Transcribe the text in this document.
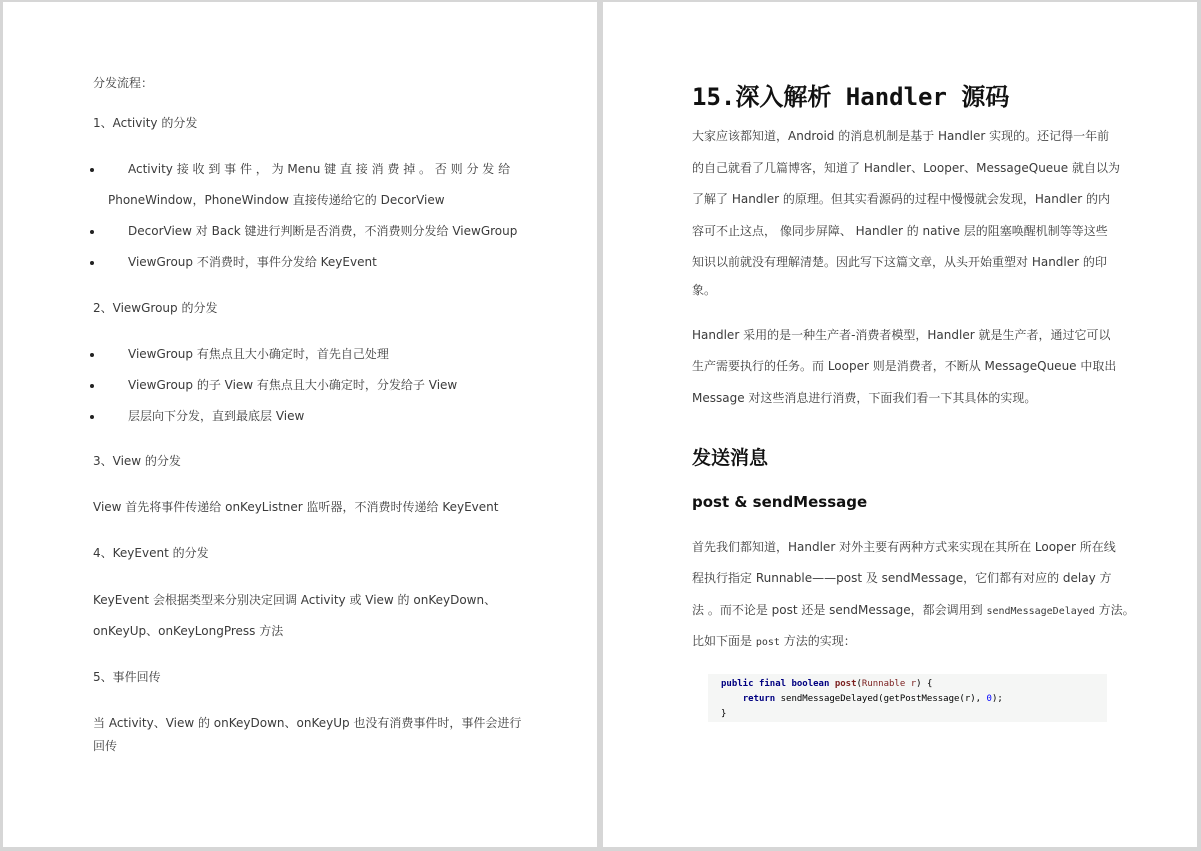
分发流程：
1、Activity 的分发
Activity 接 收 到 事 件 ， 为 Menu 键 直 接 消 费 掉 。 否 则 分 发 给
PhoneWindow，PhoneWindow 直接传递给它的 DecorView
DecorView 对 Back 键进行判断是否消费，不消费则分发给 ViewGroup
ViewGroup 不消费时，事件分发给 KeyEvent
2、ViewGroup 的分发
ViewGroup 有焦点且大小确定时，首先自己处理
ViewGroup 的子 View 有焦点且大小确定时，分发给子 View
层层向下分发，直到最底层 View
3、View 的分发
View 首先将事件传递给 onKeyListner 监听器，不消费时传递给 KeyEvent
4、KeyEvent 的分发
KeyEvent 会根据类型来分别决定回调 Activity 或 View 的 onKeyDown、
onKeyUp、onKeyLongPress 方法
5、事件回传
当 Activity、View 的 onKeyDown、onKeyUp 也没有消费事件时，事件会进行
回传
15.深入解析 Handler 源码
大家应该都知道，Android 的消息机制是基于 Handler 实现的。还记得一年前
的自己就看了几篇博客，知道了 Handler、Looper、MessageQueue 就自以为
了解了 Handler 的原理。但其实看源码的过程中慢慢就会发现，Handler 的内
容可不止这点， 像同步屏障、 Handler 的 native 层的阻塞唤醒机制等等这些
知识以前就没有理解清楚。因此写下这篇文章，从头开始重塑对 Handler 的印
象。
Handler 采用的是一种生产者-消费者模型，Handler 就是生产者，通过它可以
生产需要执行的任务。而 Looper 则是消费者，不断从 MessageQueue 中取出
Message 对这些消息进行消费，下面我们看一下其具体的实现。
发送消息
post & sendMessage
首先我们都知道，Handler 对外主要有两种方式来实现在其所在 Looper 所在线
程执行指定 Runnable——post 及 sendMessage，它们都有对应的 delay 方
法 。而不论是 post 还是 sendMessage，都会调用到 sendMessageDelayed 方法。
比如下面是 post 方法的实现：
public final boolean post(Runnable r) {
return sendMessageDelayed(getPostMessage(r), 0);
}
